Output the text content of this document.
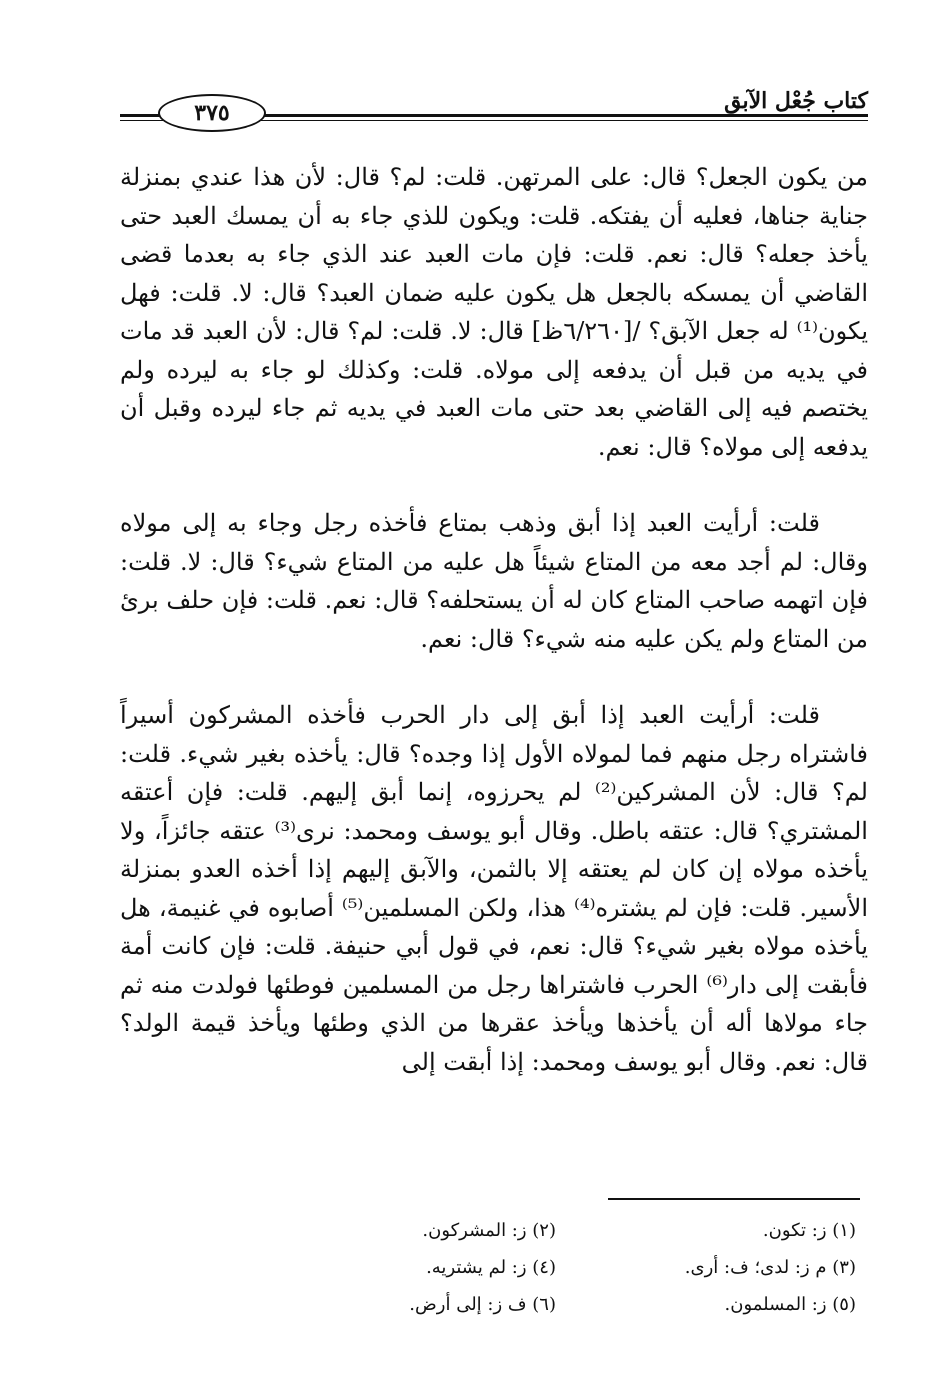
٣٧٥	كتاب جُعْل الآبق

من يكون الجعل؟ قال: على المرتهن. قلت: لم؟ قال: لأن هذا عندي بمنزلة جناية جناها، فعليه أن يفتكه. قلت: ويكون للذي جاء به أن يمسك العبد حتى يأخذ جعله؟ قال: نعم. قلت: فإن مات العبد عند الذي جاء به بعدما قضى القاضي أن يمسكه بالجعل هل يكون عليه ضمان العبد؟ قال: لا. قلت: فهل يكون⁽¹⁾ له جعل الآبق؟ /[٦/٢٦٠ظ] قال: لا. قلت: لم؟ قال: لأن العبد قد مات في يديه من قبل أن يدفعه إلى مولاه. قلت: وكذلك لو جاء به ليرده ولم يختصم فيه إلى القاضي بعد حتى مات العبد في يديه ثم جاء ليرده وقبل أن يدفعه إلى مولاه؟ قال: نعم.

قلت: أرأيت العبد إذا أبق وذهب بمتاع فأخذه رجل وجاء به إلى مولاه وقال: لم أجد معه من المتاع شيئاً هل عليه من المتاع شيء؟ قال: لا. قلت: فإن اتهمه صاحب المتاع كان له أن يستحلفه؟ قال: نعم. قلت: فإن حلف برئ من المتاع ولم يكن عليه منه شيء؟ قال: نعم.

قلت: أرأيت العبد إذا أبق إلى دار الحرب فأخذه المشركون أسيراً فاشتراه رجل منهم فما لمولاه الأول إذا وجده؟ قال: يأخذه بغير شيء. قلت: لم؟ قال: لأن المشركين⁽²⁾ لم يحرزوه، إنما أبق إليهم. قلت: فإن أعتقه المشتري؟ قال: عتقه باطل. وقال أبو يوسف ومحمد: نرى⁽³⁾ عتقه جائزاً، ولا يأخذه مولاه إن كان لم يعتقه إلا بالثمن، والآبق إليهم إذا أخذه العدو بمنزلة الأسير. قلت: فإن لم يشتره⁽⁴⁾ هذا، ولكن المسلمين⁽⁵⁾ أصابوه في غنيمة، هل يأخذه مولاه بغير شيء؟ قال: نعم، في قول أبي حنيفة. قلت: فإن كانت أمة فأبقت إلى دار⁽⁶⁾ الحرب فاشتراها رجل من المسلمين فوطئها فولدت منه ثم جاء مولاها أله أن يأخذها ويأخذ عقرها من الذي وطئها ويأخذ قيمة الولد؟ قال: نعم. وقال أبو يوسف ومحمد: إذا أبقت إلى

(١) ز: تكون.
(٢) ز: المشركون.
(٣) م ز: لدى؛ ف: أرى.
(٤) ز: لم يشتريه.
(٥) ز: المسلمون.
(٦) ف ز: إلى أرض.
